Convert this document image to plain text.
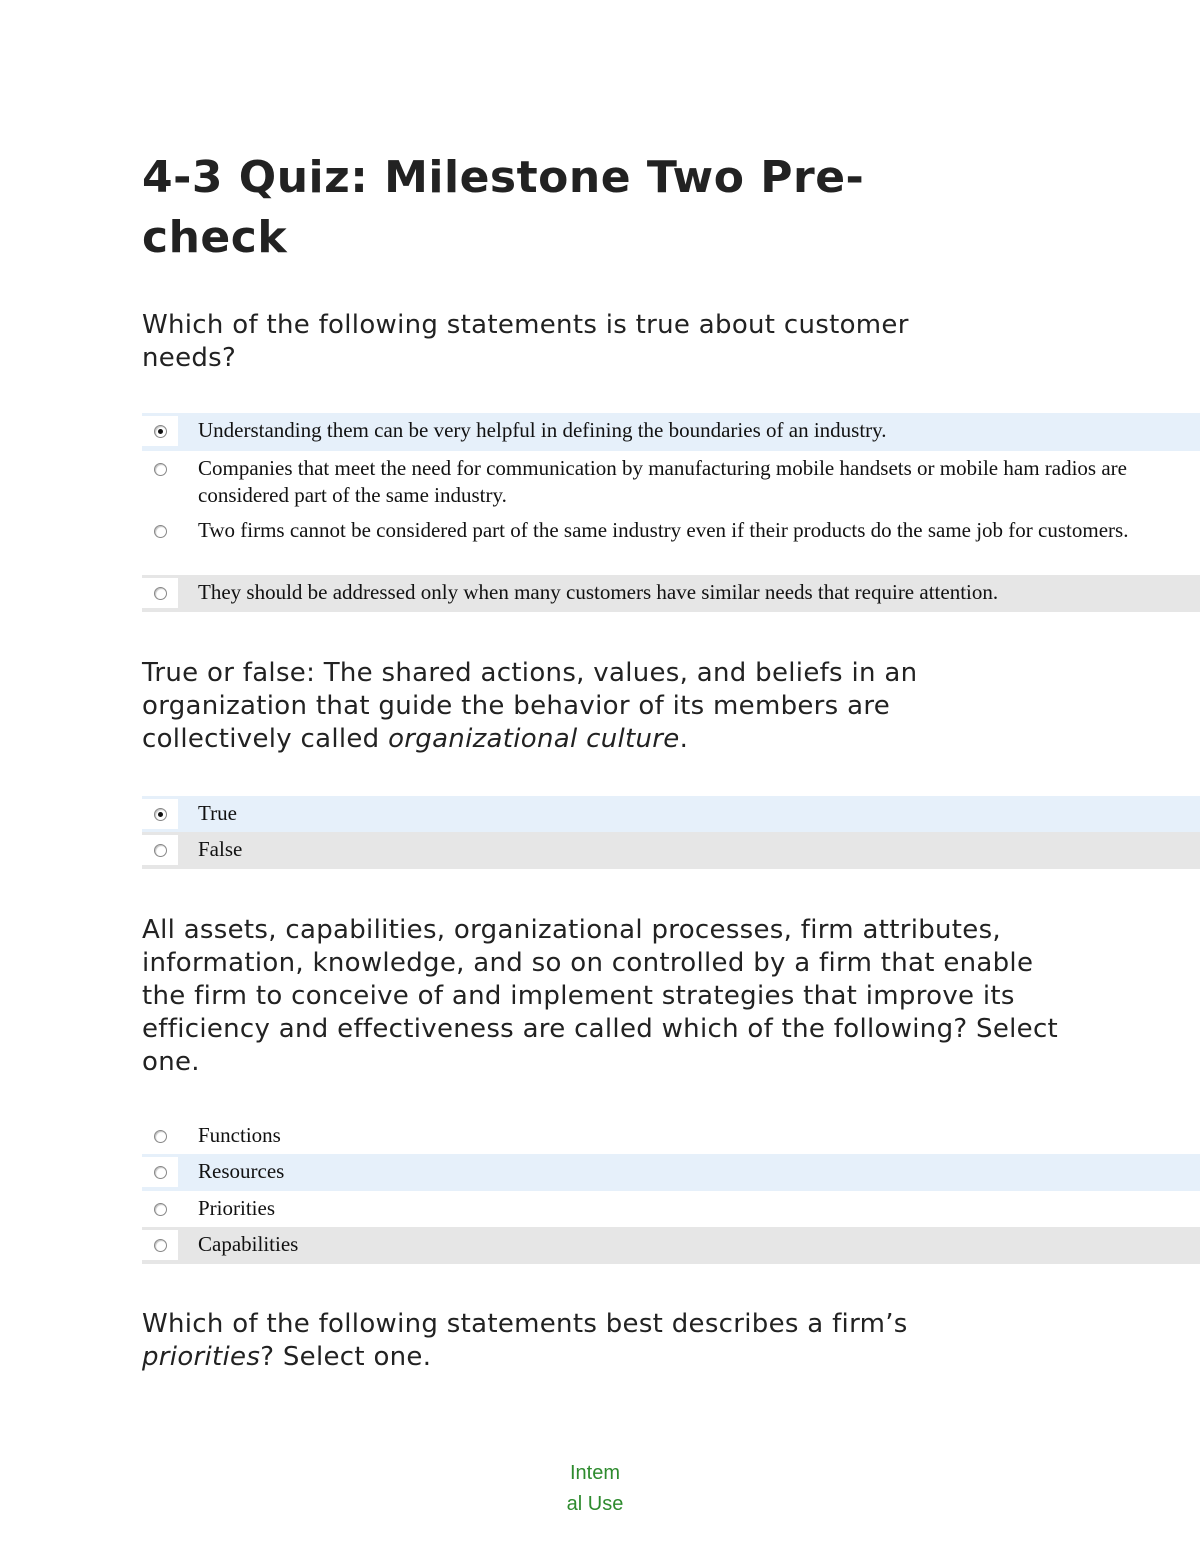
4-3 Quiz: Milestone Two Pre-check

Which of the following statements is true about customer needs?

Understanding them can be very helpful in defining the boundaries of an industry.
Companies that meet the need for communication by manufacturing mobile handsets or mobile ham radios are considered part of the same industry.
Two firms cannot be considered part of the same industry even if their products do the same job for customers.
They should be addressed only when many customers have similar needs that require attention.

True or false: The shared actions, values, and beliefs in an organization that guide the behavior of its members are collectively called organizational culture.

True
False

All assets, capabilities, organizational processes, firm attributes, information, knowledge, and so on controlled by a firm that enable the firm to conceive of and implement strategies that improve its efficiency and effectiveness are called which of the following? Select one.

Functions
Resources
Priorities
Capabilities

Which of the following statements best describes a firm’s priorities? Select one.

Intem
al Use
